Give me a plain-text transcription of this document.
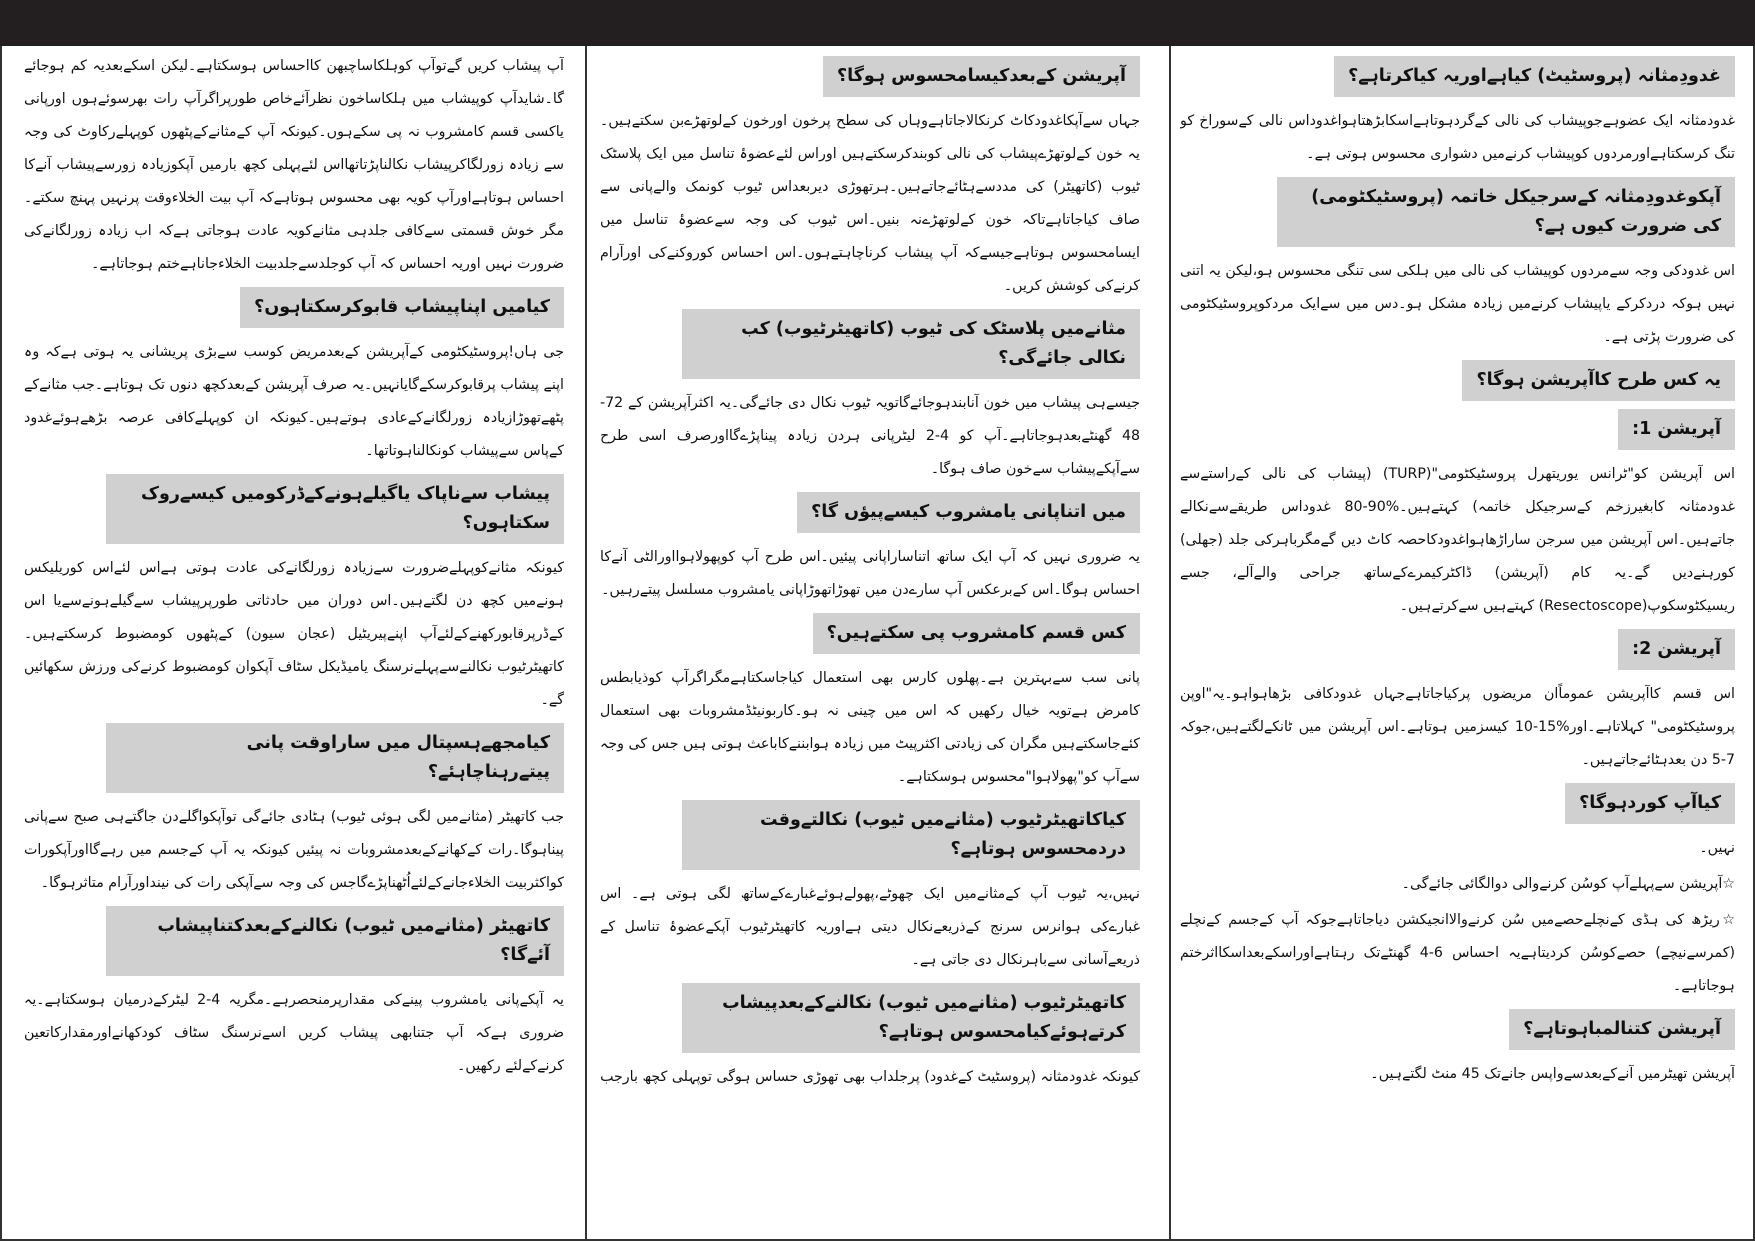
غدودِمثانہ (پروسٹیٹ) کیاہےاوریہ کیاکرتاہے؟

غدودمثانہ ایک عضوہےجوپیشاب کی نالی کےگردہوتاہےاسکابڑھتاہواغدوداس نالی کےسوراخ کو تنگ کرسکتاہےاورمردوں کوپیشاب کرنےمیں دشواری محسوس ہوتی ہے۔

آپکوغدودِمثانہ کےسرجیکل خاتمہ (پروسٹیکٹومی) کی ضرورت کیوں ہے؟

اس غدودکی وجہ سےمردوں کوپیشاب کی نالی میں ہلکی سی تنگی محسوس ہو،لیکن یہ اتنی نہیں ہوکہ دردکرکے یاپیشاب کرنےمیں زیادہ مشکل ہو۔دس میں سےایک مردکوپروسٹیکٹومی کی ضرورت پڑتی ہے۔

یہ کس طرح کاآپریشن ہوگا؟
آپریشن 1:

اس آپریشن کو"ٹرانس یوریتھرل پروسٹیکٹومی"(TURP) (پیشاب کی نالی کےراستےسے غدودمثانہ کابغیرزخم کےسرجیکل خاتمہ) کہتےہیں۔%90-80 غدوداس طریقےسےنکالے جاتےہیں۔اس آپریشن میں سرجن ساراڑھاہواغدودکاحصہ کاٹ دیں گےمگرباہرکی جلد (جھلی) کورہنےدیں گے۔یہ کام (آپریشن) ڈاکٹرکیمرےکےساتھ جراحی والےآلے، جسے ریسیکٹوسکوپ(Resectoscope) کہتےہیں سےکرتےہیں۔

آپریشن 2:

اس قسم کاآپریشن عموماًان مریضوں پرکیاجاتاہےجہاں غدودکافی بڑھاہواہو۔یہ"اوپن پروسٹیکٹومی" کہلاتاہے۔اور%15-10 کیسزمیں ہوتاہے۔اس آپریشن میں ٹانکےلگتےہیں،جوکہ 7-5 دن بعدہٹائےجاتےہیں۔

کیاآپ کوردہوگا؟

نہیں۔

☆آپریشن سےپہلےآپ کوسُن کرنےوالی دوالگائی جائےگی۔

☆ریڑھ کی ہڈی کےنچلےحصےمیں سُن کرنےوالاانجیکشن دیاجاتاہےجوکہ آپ کےجسم کےنچلے (کمرسےنیچے) حصےکوسُن کردیتاہےیہ احساس 6-4 گھنٹےتک رہتاہےاوراسکےبعداسکااثرختم ہوجاتاہے۔

آپریشن کتنالمباہوتاہے؟

آپریشن تھیٹرمیں آنےکےبعدسےواپس جانےتک 45 منٹ لگتےہیں۔

آپریشن کےبعدکیسامحسوس ہوگا؟

جہاں سےآپکاغدودکاٹ کرنکالاجاتاہےوہاں کی سطح پرخون اورخون کےلوتھڑےبن سکتےہیں۔ یہ خون کےلوتھڑےپیشاب کی نالی کوبندکرسکتےہیں اوراس لئےعضوۂ تناسل میں ایک پلاسٹک ٹیوب (کاتھیٹر) کی مددسےہٹائےجاتےہیں۔ہرتھوڑی دیربعداس ٹیوب کونمک والےپانی سے صاف کیاجاتاہےتاکہ خون کےلوتھڑےنہ بنیں۔اس ٹیوب کی وجہ سےعضوۂ تناسل میں ایسامحسوس ہوتاہےجیسےکہ آپ پیشاب کرناچاہتےہوں۔اس احساس کوروکنےکی اورآرام کرنےکی کوشش کریں۔

مثانےمیں پلاسٹک کی ٹیوب (کاتھیٹرٹیوب) کب نکالی جائےگی؟

جیسےہی پیشاب میں خون آنابندہوجائےگاتویہ ٹیوب نکال دی جائےگی۔یہ اکثرآپریشن کے 72-48 گھنٹےبعدہوجاتاہے۔آپ کو 4-2 لیٹرپانی ہردن زیادہ پیناپڑےگااورصرف اسی طرح سےآپکےپیشاب سےخون صاف ہوگا۔

میں اتناپانی یامشروب کیسےپیؤں گا؟

یہ ضروری نہیں کہ آپ ایک ساتھ اتناساراپانی پیئیں۔اس طرح آپ کوپھولاہوااورالٹی آنےکا احساس ہوگا۔اس کےبرعکس آپ سارےدن میں تھوڑاتھوڑاپانی یامشروب مسلسل پیتےرہیں۔

کس قسم کامشروب پی سکتےہیں؟

پانی سب سےبہترین ہے۔پھلوں کارس بھی استعمال کیاجاسکتاہےمگراگرآپ کوذیابطس کامرض ہےتویہ خیال رکھیں کہ اس میں چینی نہ ہو۔کاربونیٹڈمشروبات بھی استعمال کئےجاسکتےہیں مگران کی زیادتی اکثرپیٹ میں زیادہ ہوابننےکاباعث ہوتی ہیں جس کی وجہ سےآپ کو"پھولاہوا"محسوس ہوسکتاہے۔

کیاکاتھیٹرٹیوب (مثانےمیں ٹیوب) نکالتےوقت دردمحسوس ہوتاہے؟

نہیں،یہ ٹیوب آپ کےمثانےمیں ایک چھوٹے،پھولےہوئےغبارےکےساتھ لگی ہوتی ہے۔ اس غبارےکی ہوانرس سرنج کےذریعےنکال دیتی ہےاوریہ کاتھیٹرٹیوب آپکےعضوۂ تناسل کے ذریعےآسانی سےباہرنکال دی جاتی ہے۔

کاتھیٹرٹیوب (مثانےمیں ٹیوب) نکالنےکےبعدپیشاب کرتےہوئےکیامحسوس ہوتاہے؟

کیونکہ غدودمثانہ (پروسٹیٹ کےغدود) پرجلداب بھی تھوڑی حساس ہوگی توپہلی کچھ بارجب

آپ پیشاب کریں گےتوآپ کوہلکاساچبھن کااحساس ہوسکتاہے۔لیکن اسکےبعدیہ کم ہوجائے گا۔شایدآپ کوپیشاب میں ہلکاساخون نظرآئےخاص طورپراگرآپ رات بھرسوئےہوں اورپانی یاکسی قسم کامشروب نہ پی سکےہوں۔کیونکہ آپ کےمثانےکےپٹھوں کوپہلےرکاوٹ کی وجہ سے زیادہ زورلگاکرپیشاب نکالناپڑتاتھااس لئےپہلی کچھ بارمیں آپکوزیادہ زورسےپیشاب آنےکا احساس ہوتاہےاورآپ کویہ بھی محسوس ہوتاہےکہ آپ بیت الخلاءوقت پرنہیں پہنچ سکتے۔مگر خوش قسمتی سےکافی جلدہی مثانےکویہ عادت ہوجاتی ہےکہ اب زیادہ زورلگانےکی ضرورت نہیں اوریہ احساس کہ آپ کوجلدسےجلدبیت الخلاءجاناہےختم ہوجاتاہے۔

کیامیں اپناپیشاب قابوکرسکتاہوں؟

جی ہاں!پروسٹیکٹومی کےآپریشن کےبعدمریض کوسب سےبڑی پریشانی یہ ہوتی ہےکہ وہ اپنے پیشاب پرقابوکرسکےگایانہیں۔یہ صرف آپریشن کےبعدکچھ دنوں تک ہوتاہے۔جب مثانےکے پٹھےتھوڑازیادہ زورلگانےکےعادی ہوتےہیں۔کیونکہ ان کوپہلےکافی عرصہ بڑھےہوئےغدود کےپاس سےپیشاب کونکالناہوتاتھا۔

پیشاب سےناپاک یاگیلےہونےکےڈرکومیں کیسےروک سکتاہوں؟

کیونکہ مثانےکوپہلےضرورت سےزیادہ زورلگانےکی عادت ہوتی ہےاس لئےاس کوریلیکس ہونےمیں کچھ دن لگتےہیں۔اس دوران میں حادثاتی طورپرپیشاب سےگیلےہونےسےیا اس کےڈرپرقابورکھنےکےلئےآپ اپنےپیریٹیل (عجان سیون) کےپٹھوں کومضبوط کرسکتےہیں۔ کاتھیٹرٹیوب نکالنےسےپہلےنرسنگ یامیڈیکل سٹاف آپکوان کومضبوط کرنےکی ورزش سکھائیں گے۔

کیامجھےہسپتال میں ساراوقت پانی پیتےرہناچاہئے؟

جب کاتھیٹر (مثانےمیں لگی ہوئی ٹیوب) ہٹادی جائےگی توآپکواگلےدن جاگتےہی صبح سےپانی پیناہوگا۔رات کےکھانےکےبعدمشروبات نہ پیئیں کیونکہ یہ آپ کےجسم میں رہےگااورآپکورات کواکثربیت الخلاءجانےکےلئےاُٹھناپڑےگاجس کی وجہ سےآپکی رات کی نینداورآرام متاثرہوگا۔

کاتھیٹر (مثانےمیں ٹیوب) نکالنےکےبعدکتناپیشاب آئےگا؟

یہ آپکےپانی یامشروب پینےکی مقدارپرمنحصرہے۔مگریہ 4-2 لیٹرکےدرمیان ہوسکتاہے۔یہ ضروری ہےکہ آپ جتنابھی پیشاب کریں اسےنرسنگ سٹاف کودکھانےاورمقدارکاتعین کرنےکےلئے رکھیں۔
